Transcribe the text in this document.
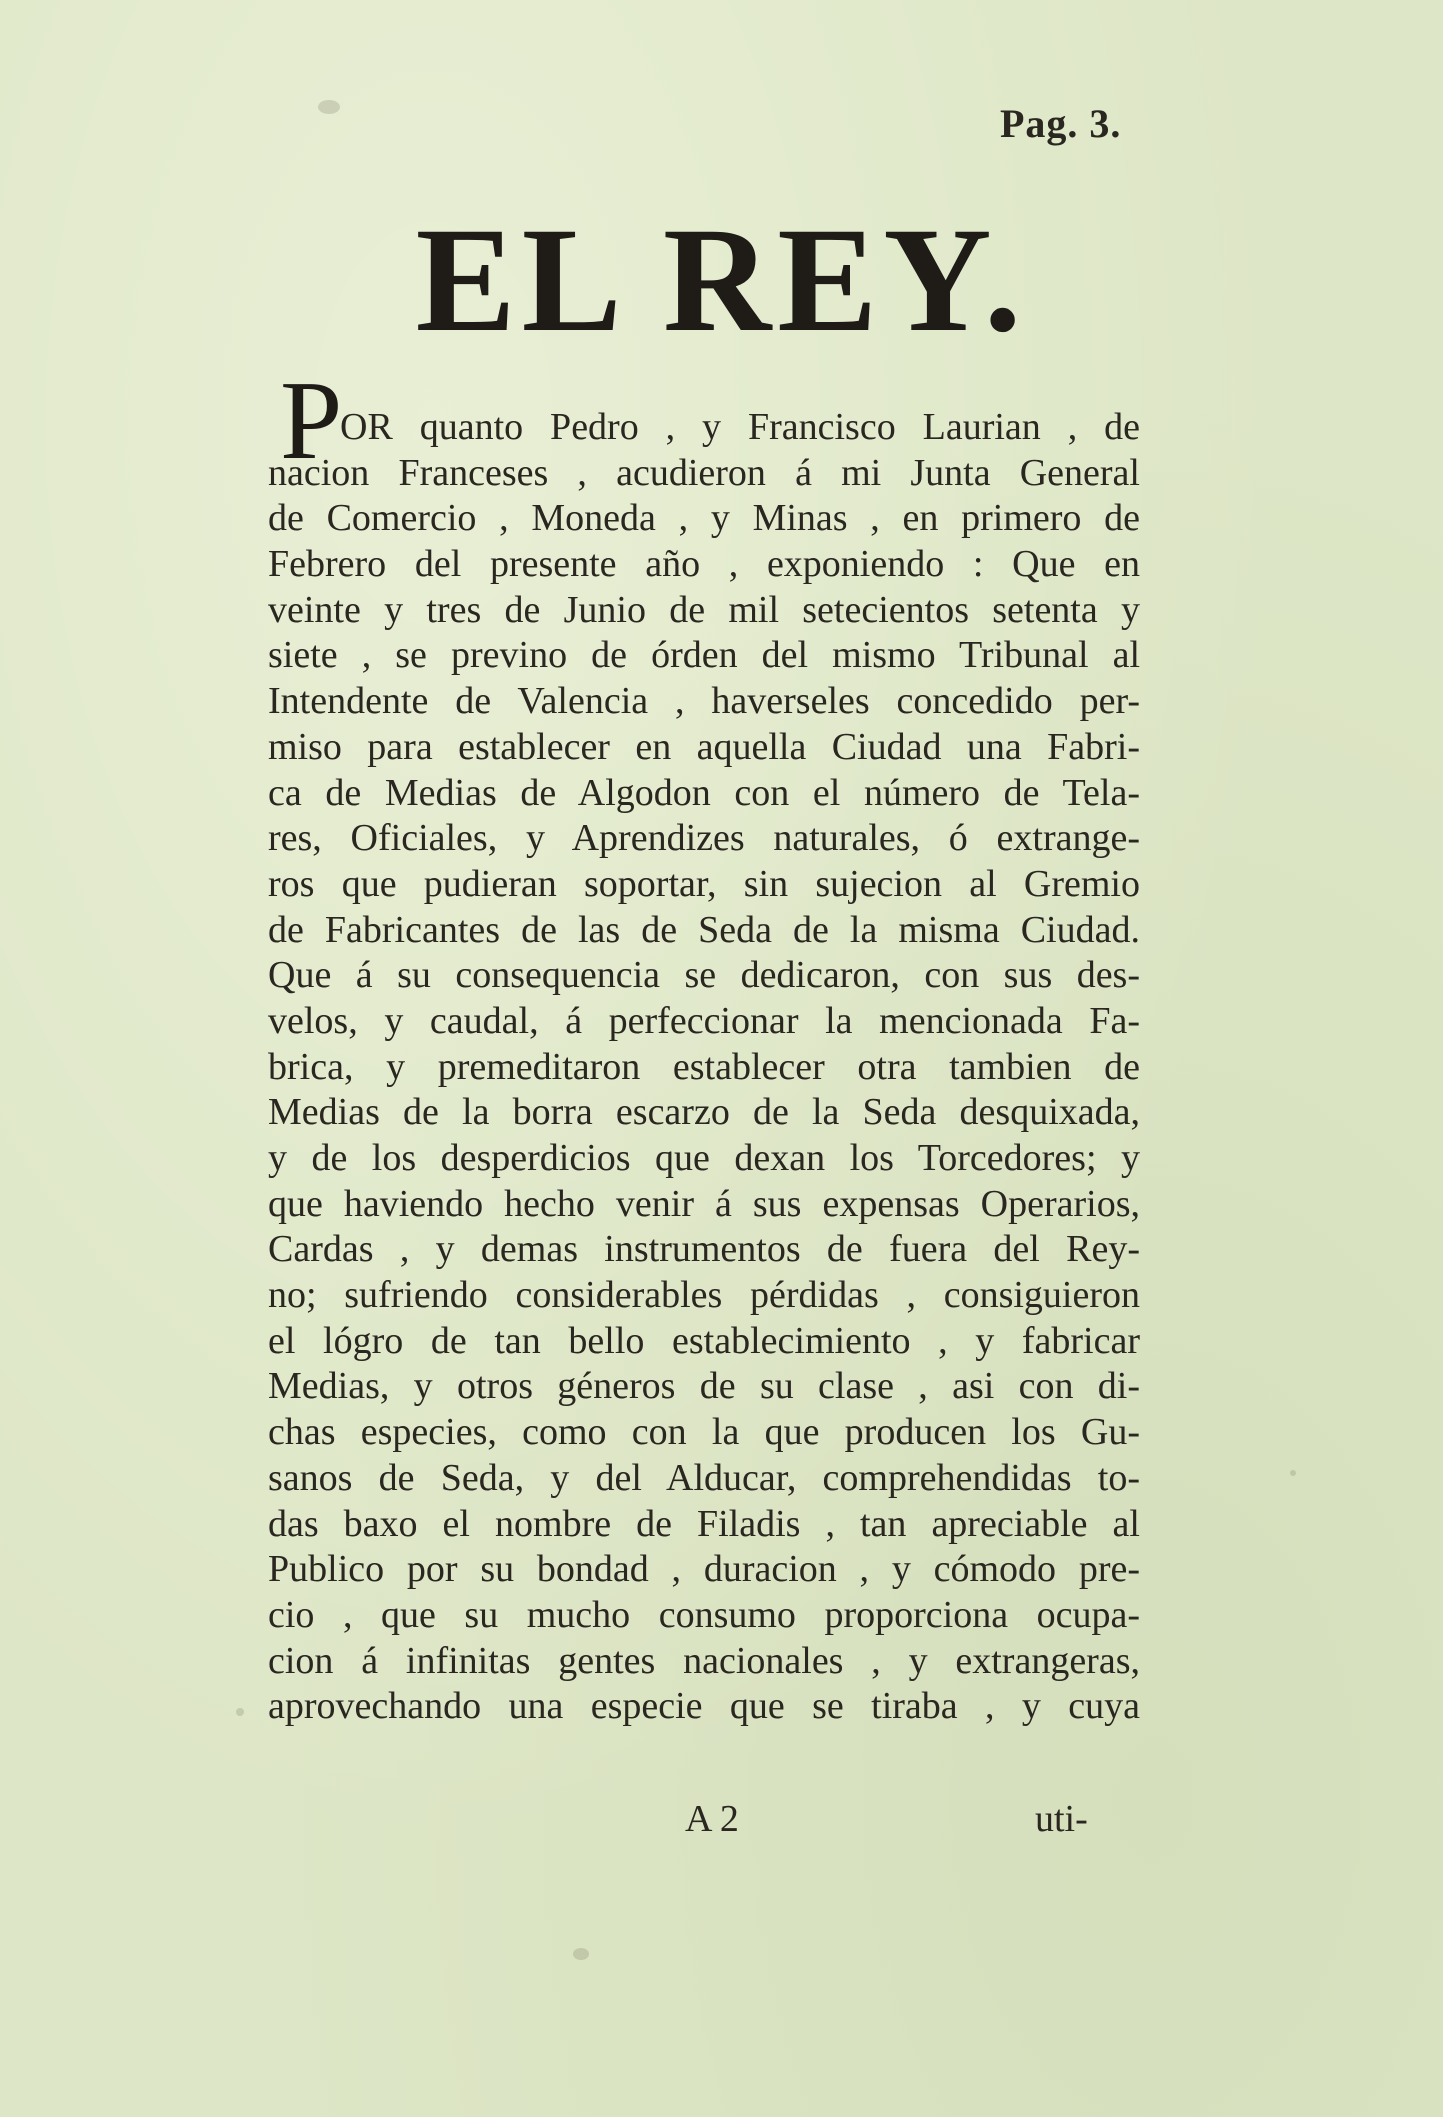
Pag. 3.
EL REY.
P
OR quanto Pedro , y Francisco Laurian , de
nacion Franceses , acudieron á mi Junta General
de Comercio , Moneda , y Minas , en primero de
Febrero del presente año , exponiendo : Que en
veinte y tres de Junio de mil setecientos setenta y
siete , se previno de órden del mismo Tribunal al
Intendente de Valencia , haverseles concedido per-
miso para establecer en aquella Ciudad una Fabri-
ca de Medias de Algodon con el número de Tela-
res, Oficiales, y Aprendizes naturales, ó extrange-
ros que pudieran soportar, sin sujecion al Gremio
de Fabricantes de las de Seda de la misma Ciudad.
Que á su consequencia se dedicaron, con sus des-
velos, y caudal, á perfeccionar la mencionada Fa-
brica, y premeditaron establecer otra tambien de
Medias de la borra escarzo de la Seda desquixada,
y de los desperdicios que dexan los Torcedores; y
que haviendo hecho venir á sus expensas Operarios,
Cardas , y demas instrumentos de fuera del Rey-
no; sufriendo considerables pérdidas , consiguieron
el lógro de tan bello establecimiento , y fabricar
Medias, y otros géneros de su clase , asi con di-
chas especies, como con la que producen los Gu-
sanos de Seda, y del Alducar, comprehendidas to-
das baxo el nombre de Filadis , tan apreciable al
Publico por su bondad , duracion , y cómodo pre-
cio , que su mucho consumo proporciona ocupa-
cion á infinitas gentes nacionales , y extrangeras,
aprovechando una especie que se tiraba , y cuya
A 2	uti-
